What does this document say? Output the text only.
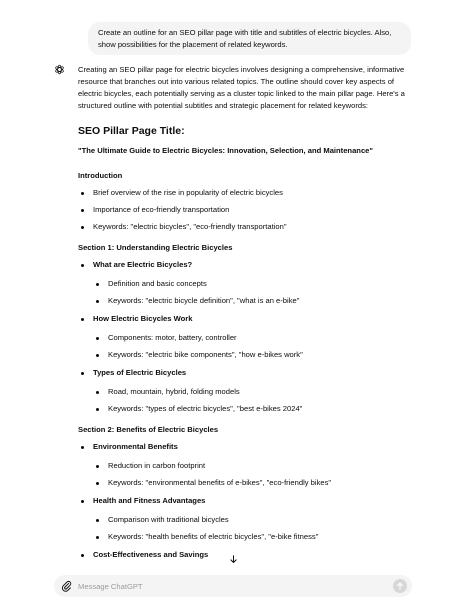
Create an outline for an SEO pillar page with title and subtitles of electric bicycles. Also, show possibilities for the placement of related keywords.

Creating an SEO pillar page for electric bicycles involves designing a comprehensive, informative resource that branches out into various related topics. The outline should cover key aspects of electric bicycles, each potentially serving as a cluster topic linked to the main pillar page. Here's a structured outline with potential subtitles and strategic placement for related keywords:

SEO Pillar Page Title:
"The Ultimate Guide to Electric Bicycles: Innovation, Selection, and Maintenance"
Introduction
Brief overview of the rise in popularity of electric bicycles
Importance of eco-friendly transportation
Keywords: "electric bicycles", "eco-friendly transportation"
Section 1: Understanding Electric Bicycles
What are Electric Bicycles?
Definition and basic concepts
Keywords: "electric bicycle definition", "what is an e-bike"
How Electric Bicycles Work
Components: motor, battery, controller
Keywords: "electric bike components", "how e-bikes work"
Types of Electric Bicycles
Road, mountain, hybrid, folding models
Keywords: "types of electric bicycles", "best e-bikes 2024"
Section 2: Benefits of Electric Bicycles
Environmental Benefits
Reduction in carbon footprint
Keywords: "environmental benefits of e-bikes", "eco-friendly bikes"
Health and Fitness Advantages
Comparison with traditional bicycles
Keywords: "health benefits of electric bicycles", "e-bike fitness"
Cost-Effectiveness and Savings
Message ChatGPT
